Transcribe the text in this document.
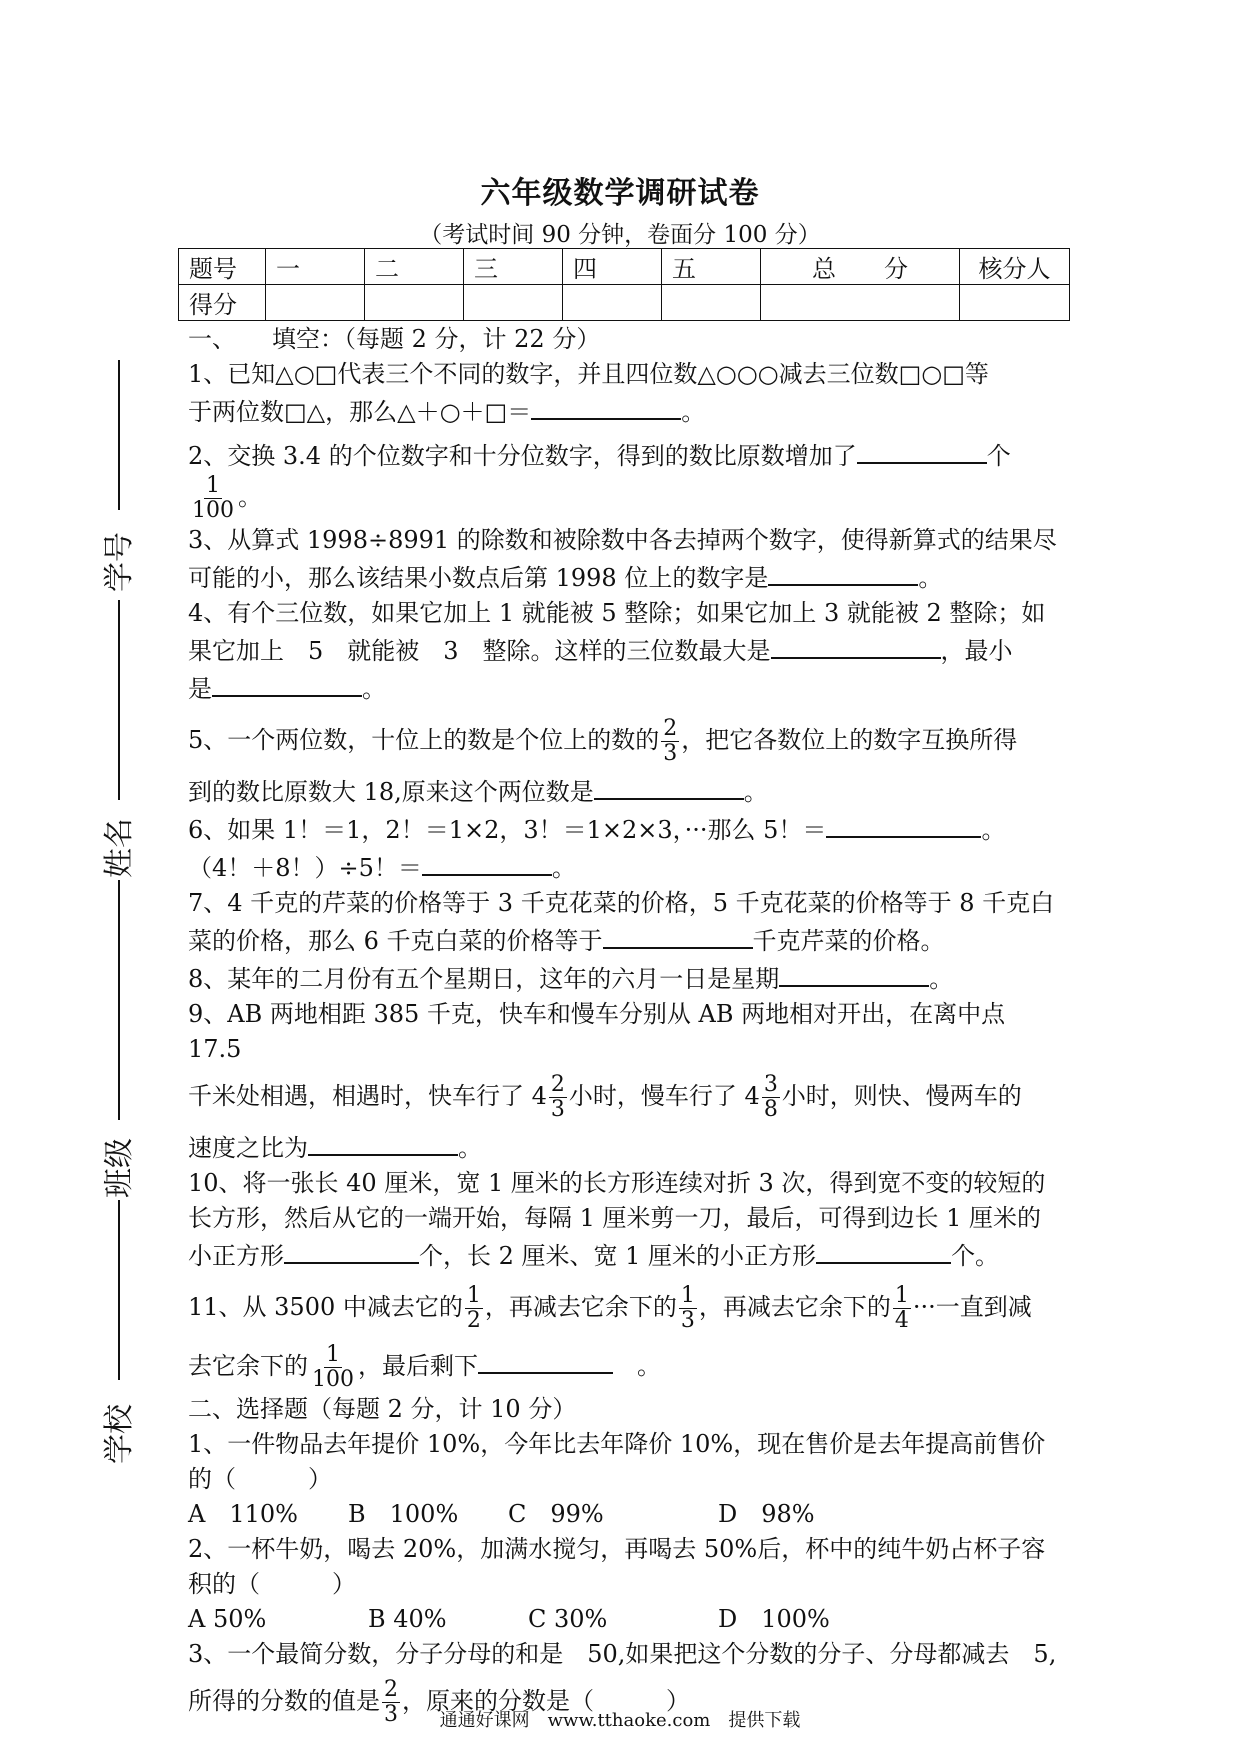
六年级数学调研试卷
（考试时间 90 分钟，卷面分 100 分）
题号	一	二	三	四	五	总　　分	核分人
得分							
学号
姓名
班级
学校

一、　　填空：（每题 2 分，计 22 分）

1、已知△○□代表三个不同的数字，并且四位数△○○○减去三位数□○□等

于两位数□△，那么△＋○＋□＝	。

2、交换 3.4 的个位数字和十分位数字，得到的数比原数增加了	个
$\frac{1}{100}$ 。

3、从算式 1998÷8991 的除数和被除数中各去掉两个数字，使得新算式的结果尽

可能的小，那么该结果小数点后第 1998 位上的数字是	。

4、有个三位数，如果它加上 1 就能被 5 整除；如果它加上 3 就能被 2 整除；如

果它加上　5　就能被　3　整除。这样的三位数最大是	，最小

是	。

5、一个两位数，十位上的数是个位上的数的 $\frac{2}{3}$ ，把它各数位上的数字互换所得

到的数比原数大 18,原来这个两位数是	。

6、如果 1！＝1，2！＝1×2，3！＝1×2×3，···那么 5！＝	。

（4！＋8！）÷5！＝	。

7、4 千克的芹菜的价格等于 3 千克花菜的价格，5 千克花菜的价格等于 8 千克白

菜的价格，那么 6 千克白菜的价格等于	千克芹菜的价格。

8、某年的二月份有五个星期日，这年的六月一日是星期	。

9、AB 两地相距 385 千克，快车和慢车分别从 AB 两地相对开出，在离中点 17.5

千米处相遇，相遇时，快车行了 $4 \frac{2}{3}$ 小时，慢车行了 $4 \frac{3}{8}$ 小时，则快、慢两车的

速度之比为	。

10、将一张长 40 厘米，宽 1 厘米的长方形连续对折 3 次，得到宽不变的较短的

长方形，然后从它的一端开始，每隔 1 厘米剪一刀，最后，可得到边长 1 厘米的

小正方形	个，长 2 厘米、宽 1 厘米的小正方形	个。

11、从 3500 中减去它的 $\frac{1}{2}$ ，再减去它余下的 $\frac{1}{3}$ ，再减去它余下的 $\frac{1}{4}$ ···一直到减

去它余下的 $\frac{1}{100}$ ，最后剩下　	。

二、选择题（每题 2 分，计 10 分）

1、一件物品去年提价 10%，今年比去年降价 10%，现在售价是去年提高前售价

的（　　　）

A　110%	B　100%	C　99%	D　98%

2、一杯牛奶，喝去 20%，加满水搅匀，再喝去 50%后，杯中的纯牛奶占杯子容

积的（　　　）

A 50%	B 40%	C 30%	D　100%

3、一个最简分数，分子分母的和是　50,如果把这个分数的分子、分母都减去　5,

所得的分数的值是 $\frac{2}{3}$ ，原来的分数是（　　　）

通通好课网　www.tthaoke.com　提供下载
